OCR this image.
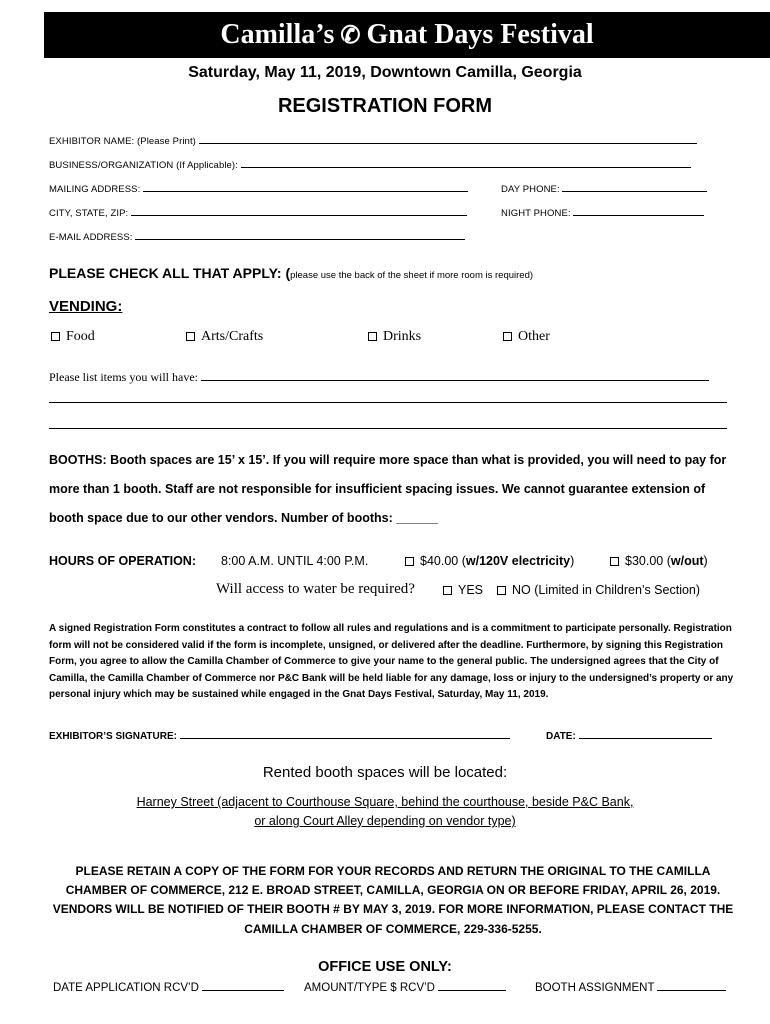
Camilla’s ✆ Gnat Days Festival
Saturday, May 11, 2019, Downtown Camilla, Georgia
REGISTRATION FORM
EXHIBITOR NAME: (Please Print)
BUSINESS/ORGANIZATION (If Applicable):
MAILING ADDRESS:	DAY PHONE:
CITY, STATE, ZIP:	NIGHT PHONE:
E-MAIL ADDRESS:
PLEASE CHECK ALL THAT APPLY: (please use the back of the sheet if more room is required)
VENDING:
Food	Arts/Crafts	Drinks	Other
Please list items you will have:
BOOTHS: Booth spaces are 15’ x 15’. If you will require more space than what is provided, you will need to pay for more than 1 booth. Staff are not responsible for insufficient spacing issues. We cannot guarantee extension of booth space due to our other vendors. Number of booths: ______
HOURS OF OPERATION: 8:00 A.M. UNTIL 4:00 P.M.	$40.00 (w/120V electricity)	$30.00 (w/out)
Will access to water be required?	YES	NO (Limited in Children’s Section)
A signed Registration Form constitutes a contract to follow all rules and regulations and is a commitment to participate personally. Registration form will not be considered valid if the form is incomplete, unsigned, or delivered after the deadline. Furthermore, by signing this Registration Form, you agree to allow the Camilla Chamber of Commerce to give your name to the general public. The undersigned agrees that the City of Camilla, the Camilla Chamber of Commerce nor P&C Bank will be held liable for any damage, loss or injury to the undersigned’s property or any personal injury which may be sustained while engaged in the Gnat Days Festival, Saturday, May 11, 2019.
EXHIBITOR’S SIGNATURE:	DATE:
Rented booth spaces will be located:
Harney Street (adjacent to Courthouse Square, behind the courthouse, beside P&C Bank,
or along Court Alley depending on vendor type)
PLEASE RETAIN A COPY OF THE FORM FOR YOUR RECORDS AND RETURN THE ORIGINAL TO THE CAMILLA CHAMBER OF COMMERCE, 212 E. BROAD STREET, CAMILLA, GEORGIA ON OR BEFORE FRIDAY, APRIL 26, 2019. VENDORS WILL BE NOTIFIED OF THEIR BOOTH # BY MAY 3, 2019. FOR MORE INFORMATION, PLEASE CONTACT THE CAMILLA CHAMBER OF COMMERCE, 229-336-5255.
OFFICE USE ONLY:
DATE APPLICATION RCV’D	AMOUNT/TYPE $ RCV’D	BOOTH ASSIGNMENT
